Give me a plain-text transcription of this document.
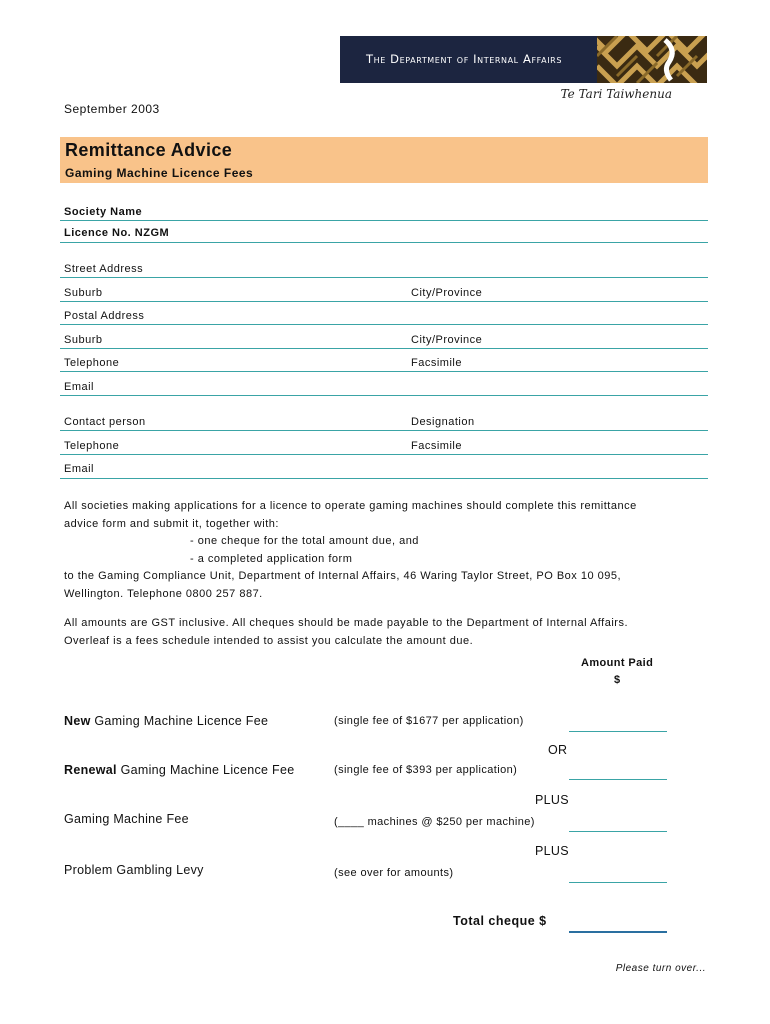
The Department of Internal Affairs
Te Tari Taiwhenua
September 2003
Remittance Advice
Gaming Machine Licence Fees
Society Name
Licence No. NZGM
Street Address
Suburb	City/Province
Postal Address
Suburb	City/Province
Telephone	Facsimile
Email
Contact person	Designation
Telephone	Facsimile
Email
All societies making applications for a licence to operate gaming machines should complete this remittance
advice form and submit it, together with:
- one cheque for the total amount due, and
- a completed application form
to the Gaming Compliance Unit, Department of Internal Affairs, 46 Waring Taylor Street, PO Box 10 095,
Wellington. Telephone 0800 257 887.
All amounts are GST inclusive. All cheques should be made payable to the Department of Internal Affairs.
Overleaf is a fees schedule intended to assist you calculate the amount due.
Amount Paid
$
New Gaming Machine Licence Fee	(single fee of $1677 per application)
OR
Renewal Gaming Machine Licence Fee	(single fee of $393 per application)
PLUS
Gaming Machine Fee	(____ machines @ $250 per machine)
PLUS
Problem Gambling Levy	(see over for amounts)
Total cheque $
Please turn over...
